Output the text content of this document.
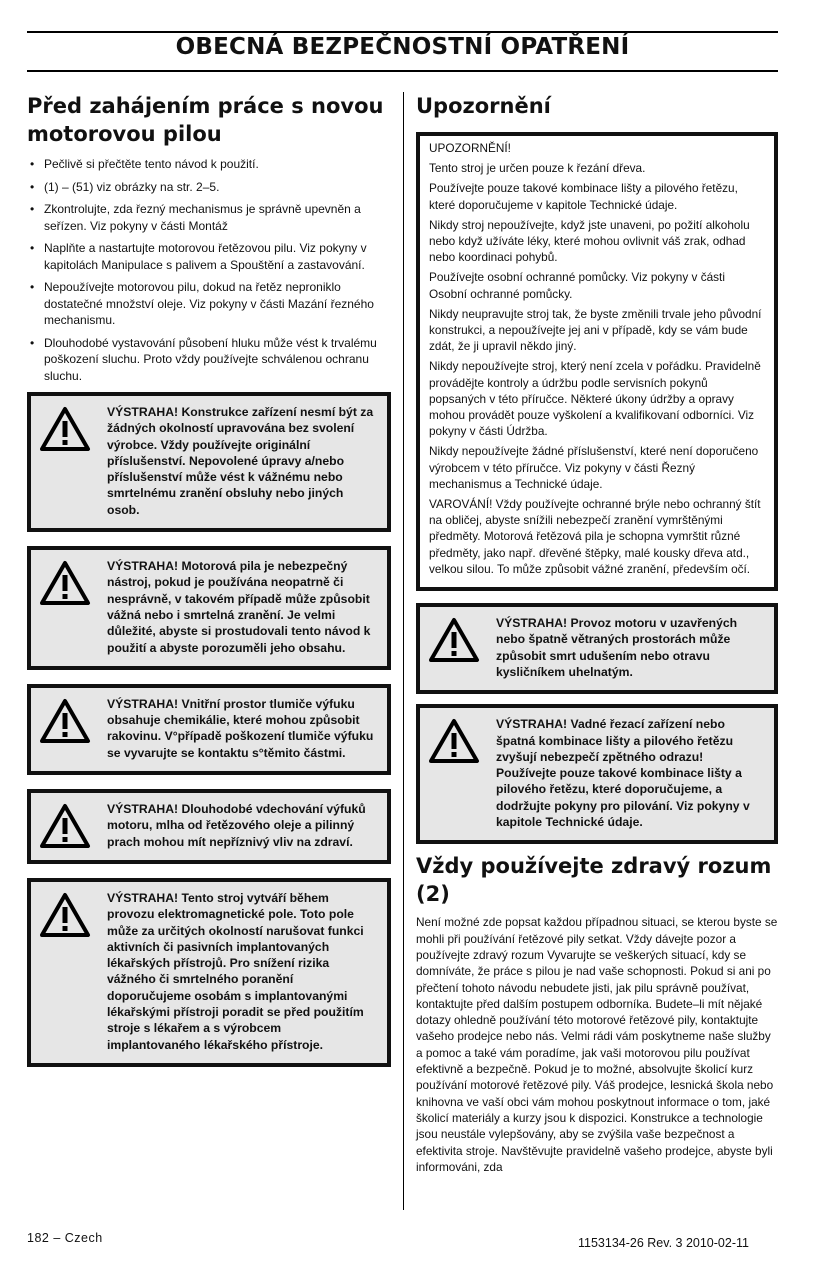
OBECNÁ BEZPEČNOSTNÍ OPATŘENÍ
Před zahájením práce s novou motorovou pilou
• Pečlivě si přečtěte tento návod k použití.
• (1) – (51) viz obrázky na str. 2–5.
• Zkontrolujte, zda řezný mechanismus je správně upevněn a seřízen. Viz pokyny v části Montáž
• Naplňte a nastartujte motorovou řetězovou pilu. Viz pokyny v kapitolách Manipulace s palivem a Spouštění a zastavování.
• Nepoužívejte motorovou pilu, dokud na řetěz neproniklo dostatečné množství oleje. Viz pokyny v části Mazání řezného mechanismu.
• Dlouhodobé vystavování působení hluku může vést k trvalému poškození sluchu. Proto vždy používejte schválenou ochranu sluchu.
VÝSTRAHA! Konstrukce zařízení nesmí být za žádných okolností upravována bez svolení výrobce. Vždy používejte originální příslušenství. Nepovolené úpravy a/nebo příslušenství může vést k vážnému nebo smrtelnému zranění obsluhy nebo jiných osob.
VÝSTRAHA! Motorová pila je nebezpečný nástroj, pokud je používána neopatrně či nesprávně, v takovém případě může způsobit vážná nebo i smrtelná zranění. Je velmi důležité, abyste si prostudovali tento návod k použití a abyste porozuměli jeho obsahu.
VÝSTRAHA! Vnitřní prostor tlumiče výfuku obsahuje chemikálie, které mohou způsobit rakovinu. V°případě poškození tlumiče výfuku se vyvarujte se kontaktu s°těmito částmi.
VÝSTRAHA! Dlouhodobé vdechování výfuků motoru, mlha od řetězového oleje a pilinný prach mohou mít nepříznivý vliv na zdraví.
VÝSTRAHA! Tento stroj vytváří během provozu elektromagnetické pole. Toto pole může za určitých okolností narušovat funkci aktivních či pasivních implantovaných lékařských přístrojů. Pro snížení rizika vážného či smrtelného poranění doporučujeme osobám s implantovanými lékařskými přístroji poradit se před použitím stroje s lékařem a s výrobcem implantovaného lékařského přístroje.
Upozornění

UPOZORNĚNÍ!

Tento stroj je určen pouze k řezání dřeva.

Používejte pouze takové kombinace lišty a pilového řetězu, které doporučujeme v kapitole Technické údaje.

Nikdy stroj nepoužívejte, když jste unaveni, po požití alkoholu nebo když užíváte léky, které mohou ovlivnit váš zrak, odhad nebo koordinaci pohybů.

Používejte osobní ochranné pomůcky. Viz pokyny v části Osobní ochranné pomůcky.

Nikdy neupravujte stroj tak, že byste změnili trvale jeho původní konstrukci, a nepoužívejte jej ani v případě, kdy se vám bude zdát, že ji upravil někdo jiný.

Nikdy nepoužívejte stroj, který není zcela v pořádku. Pravidelně provádějte kontroly a údržbu podle servisních pokynů popsaných v této příručce. Některé úkony údržby a opravy mohou provádět pouze vyškolení a kvalifikovaní odborníci. Viz pokyny v části Údržba.

Nikdy nepoužívejte žádné příslušenství, které není doporučeno výrobcem v této příručce. Viz pokyny v části Řezný mechanismus a Technické údaje.

VAROVÁNÍ! Vždy používejte ochranné brýle nebo ochranný štít na obličej, abyste snížili nebezpečí zranění vymrštěnými předměty. Motorová řetězová pila je schopna vymrštit různé předměty, jako např. dřevěné štěpky, malé kousky dřeva atd., velkou silou. To může způsobit vážné zranění, především očí.

VÝSTRAHA! Provoz motoru v uzavřených nebo špatně větraných prostorách může způsobit smrt udušením nebo otravu kysličníkem uhelnatým.
VÝSTRAHA! Vadné řezací zařízení nebo špatná kombinace lišty a pilového řetězu zvyšují nebezpečí zpětného odrazu! Používejte pouze takové kombinace lišty a pilového řetězu, které doporučujeme, a dodržujte pokyny pro pilování. Viz pokyny v kapitole Technické údaje.
Vždy používejte zdravý rozum (2)
Není možné zde popsat každou případnou situaci, se kterou byste se mohli při používání řetězové pily setkat. Vždy dávejte pozor a používejte zdravý rozum Vyvarujte se veškerých situací, kdy se domníváte, že práce s pilou je nad vaše schopnosti. Pokud si ani po přečtení tohoto návodu nebudete jisti, jak pilu správně používat, kontaktujte před dalším postupem odborníka. Budete–li mít nějaké dotazy ohledně používání této motorové řetězové pily, kontaktujte vašeho prodejce nebo nás. Velmi rádi vám poskytneme naše služby a pomoc a také vám poradíme, jak vaši motorovou pilu používat efektivně a bezpečně. Pokud je to možné, absolvujte školicí kurz používání motorové řetězové pily. Váš prodejce, lesnická škola nebo knihovna ve vaší obci vám mohou poskytnout informace o tom, jaké školicí materiály a kurzy jsou k dispozici. Konstrukce a technologie jsou neustále vylepšovány, aby se zvýšila vaše bezpečnost a efektivita stroje. Navštěvujte pravidelně vašeho prodejce, abyste byli informováni, zda
182 – Czech	1153134-26 Rev. 3 2010-02-11
